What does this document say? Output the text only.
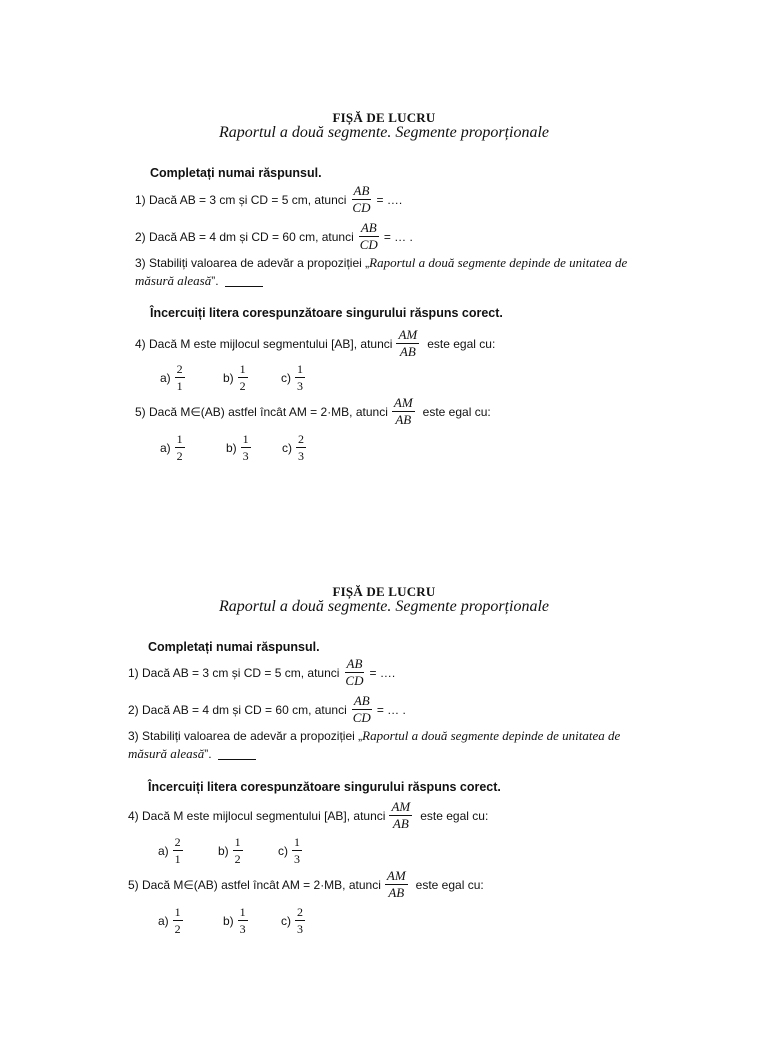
FIȘĂ DE LUCRU
Raportul a două segmente. Segmente proporționale
Completați numai răspunsul.
1) Dacă AB = 3 cm și CD = 5 cm, atunci $\frac{AB}{CD}$ = ….
2) Dacă AB = 4 dm și CD = 60 cm, atunci $\frac{AB}{CD}$ = … .
3) Stabiliți valoarea de adevăr a propoziției „ Raportul a două segmente depinde de unitatea de
măsură aleasă ”.
Încercuiți litera corespunzătoare singurului răspuns corect.
4) Dacă M este mijlocul segmentului [AB], atunci $\frac{AM}{AB}$ este egal cu:
$a) \frac{2}{1}$	$b) \frac{1}{2}$	$c) \frac{1}{3}$
5) Dacă M∈(AB) astfel încât AM = 2·MB, atunci $\frac{AM}{AB}$ este egal cu:
$a) \frac{1}{2}$	$b) \frac{1}{3}$	$c) \frac{2}{3}$
FIȘĂ DE LUCRU
Raportul a două segmente. Segmente proporționale
Completați numai răspunsul.
1) Dacă AB = 3 cm și CD = 5 cm, atunci $\frac{AB}{CD}$ = ….
2) Dacă AB = 4 dm și CD = 60 cm, atunci $\frac{AB}{CD}$ = … .
3) Stabiliți valoarea de adevăr a propoziției „ Raportul a două segmente depinde de unitatea de
măsură aleasă ”.
Încercuiți litera corespunzătoare singurului răspuns corect.
4) Dacă M este mijlocul segmentului [AB], atunci $\frac{AM}{AB}$ este egal cu:
$a) \frac{2}{1}$	$b) \frac{1}{2}$	$c) \frac{1}{3}$
5) Dacă M∈(AB) astfel încât AM = 2·MB, atunci $\frac{AM}{AB}$ este egal cu:
$a) \frac{1}{2}$	$b) \frac{1}{3}$	$c) \frac{2}{3}$
